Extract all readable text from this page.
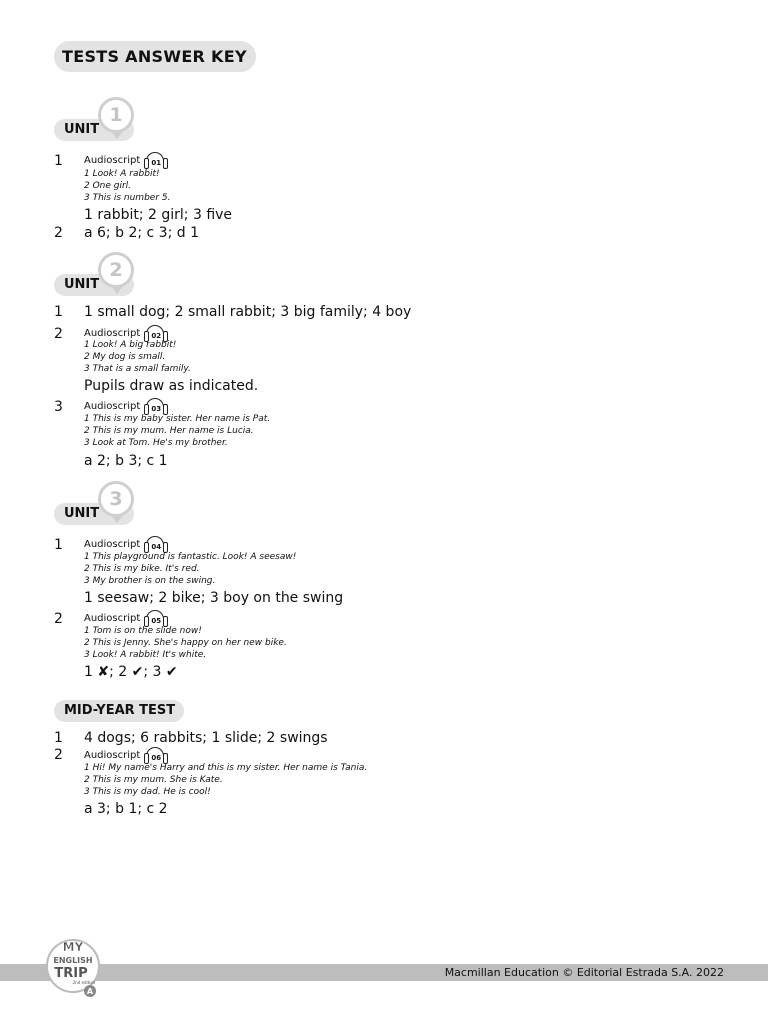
TESTS ANSWER KEY
UNIT
1
1 Audioscript 01
1 Look! A rabbit!
2 One girl.
3 This is number 5.
1 rabbit; 2 girl; 3 five
2 a 6; b 2; c 3; d 1
UNIT
2
1 1 small dog; 2 small rabbit; 3 big family; 4 boy
2 Audioscript 02
1 Look! A big rabbit!
2 My dog is small.
3 That is a small family.
Pupils draw as indicated.
3 Audioscript 03
1 This is my baby sister. Her name is Pat.
2 This is my mum. Her name is Lucia.
3 Look at Tom. He's my brother.
a 2; b 3; c 1
UNIT
3
1 Audioscript 04
1 This playground is fantastic. Look! A seesaw!
2 This is my bike. It's red.
3 My brother is on the swing.
1 seesaw; 2 bike; 3 boy on the swing
2 Audioscript 05
1 Tom is on the slide now!
2 This is Jenny. She's happy on her new bike.
3 Look! A rabbit! It's white.
1 ✘; 2 ✔; 3 ✔
MID-YEAR TEST
1 4 dogs; 6 rabbits; 1 slide; 2 swings
2 Audioscript 06
1 Hi! My name's Harry and this is my sister. Her name is Tania.
2 This is my mum. She is Kate.
3 This is my dad. He is cool!
a 3; b 1; c 2
Macmillan Education © Editorial Estrada S.A. 2022
MY
ENGLISH
TRIP
2nd edition
A
